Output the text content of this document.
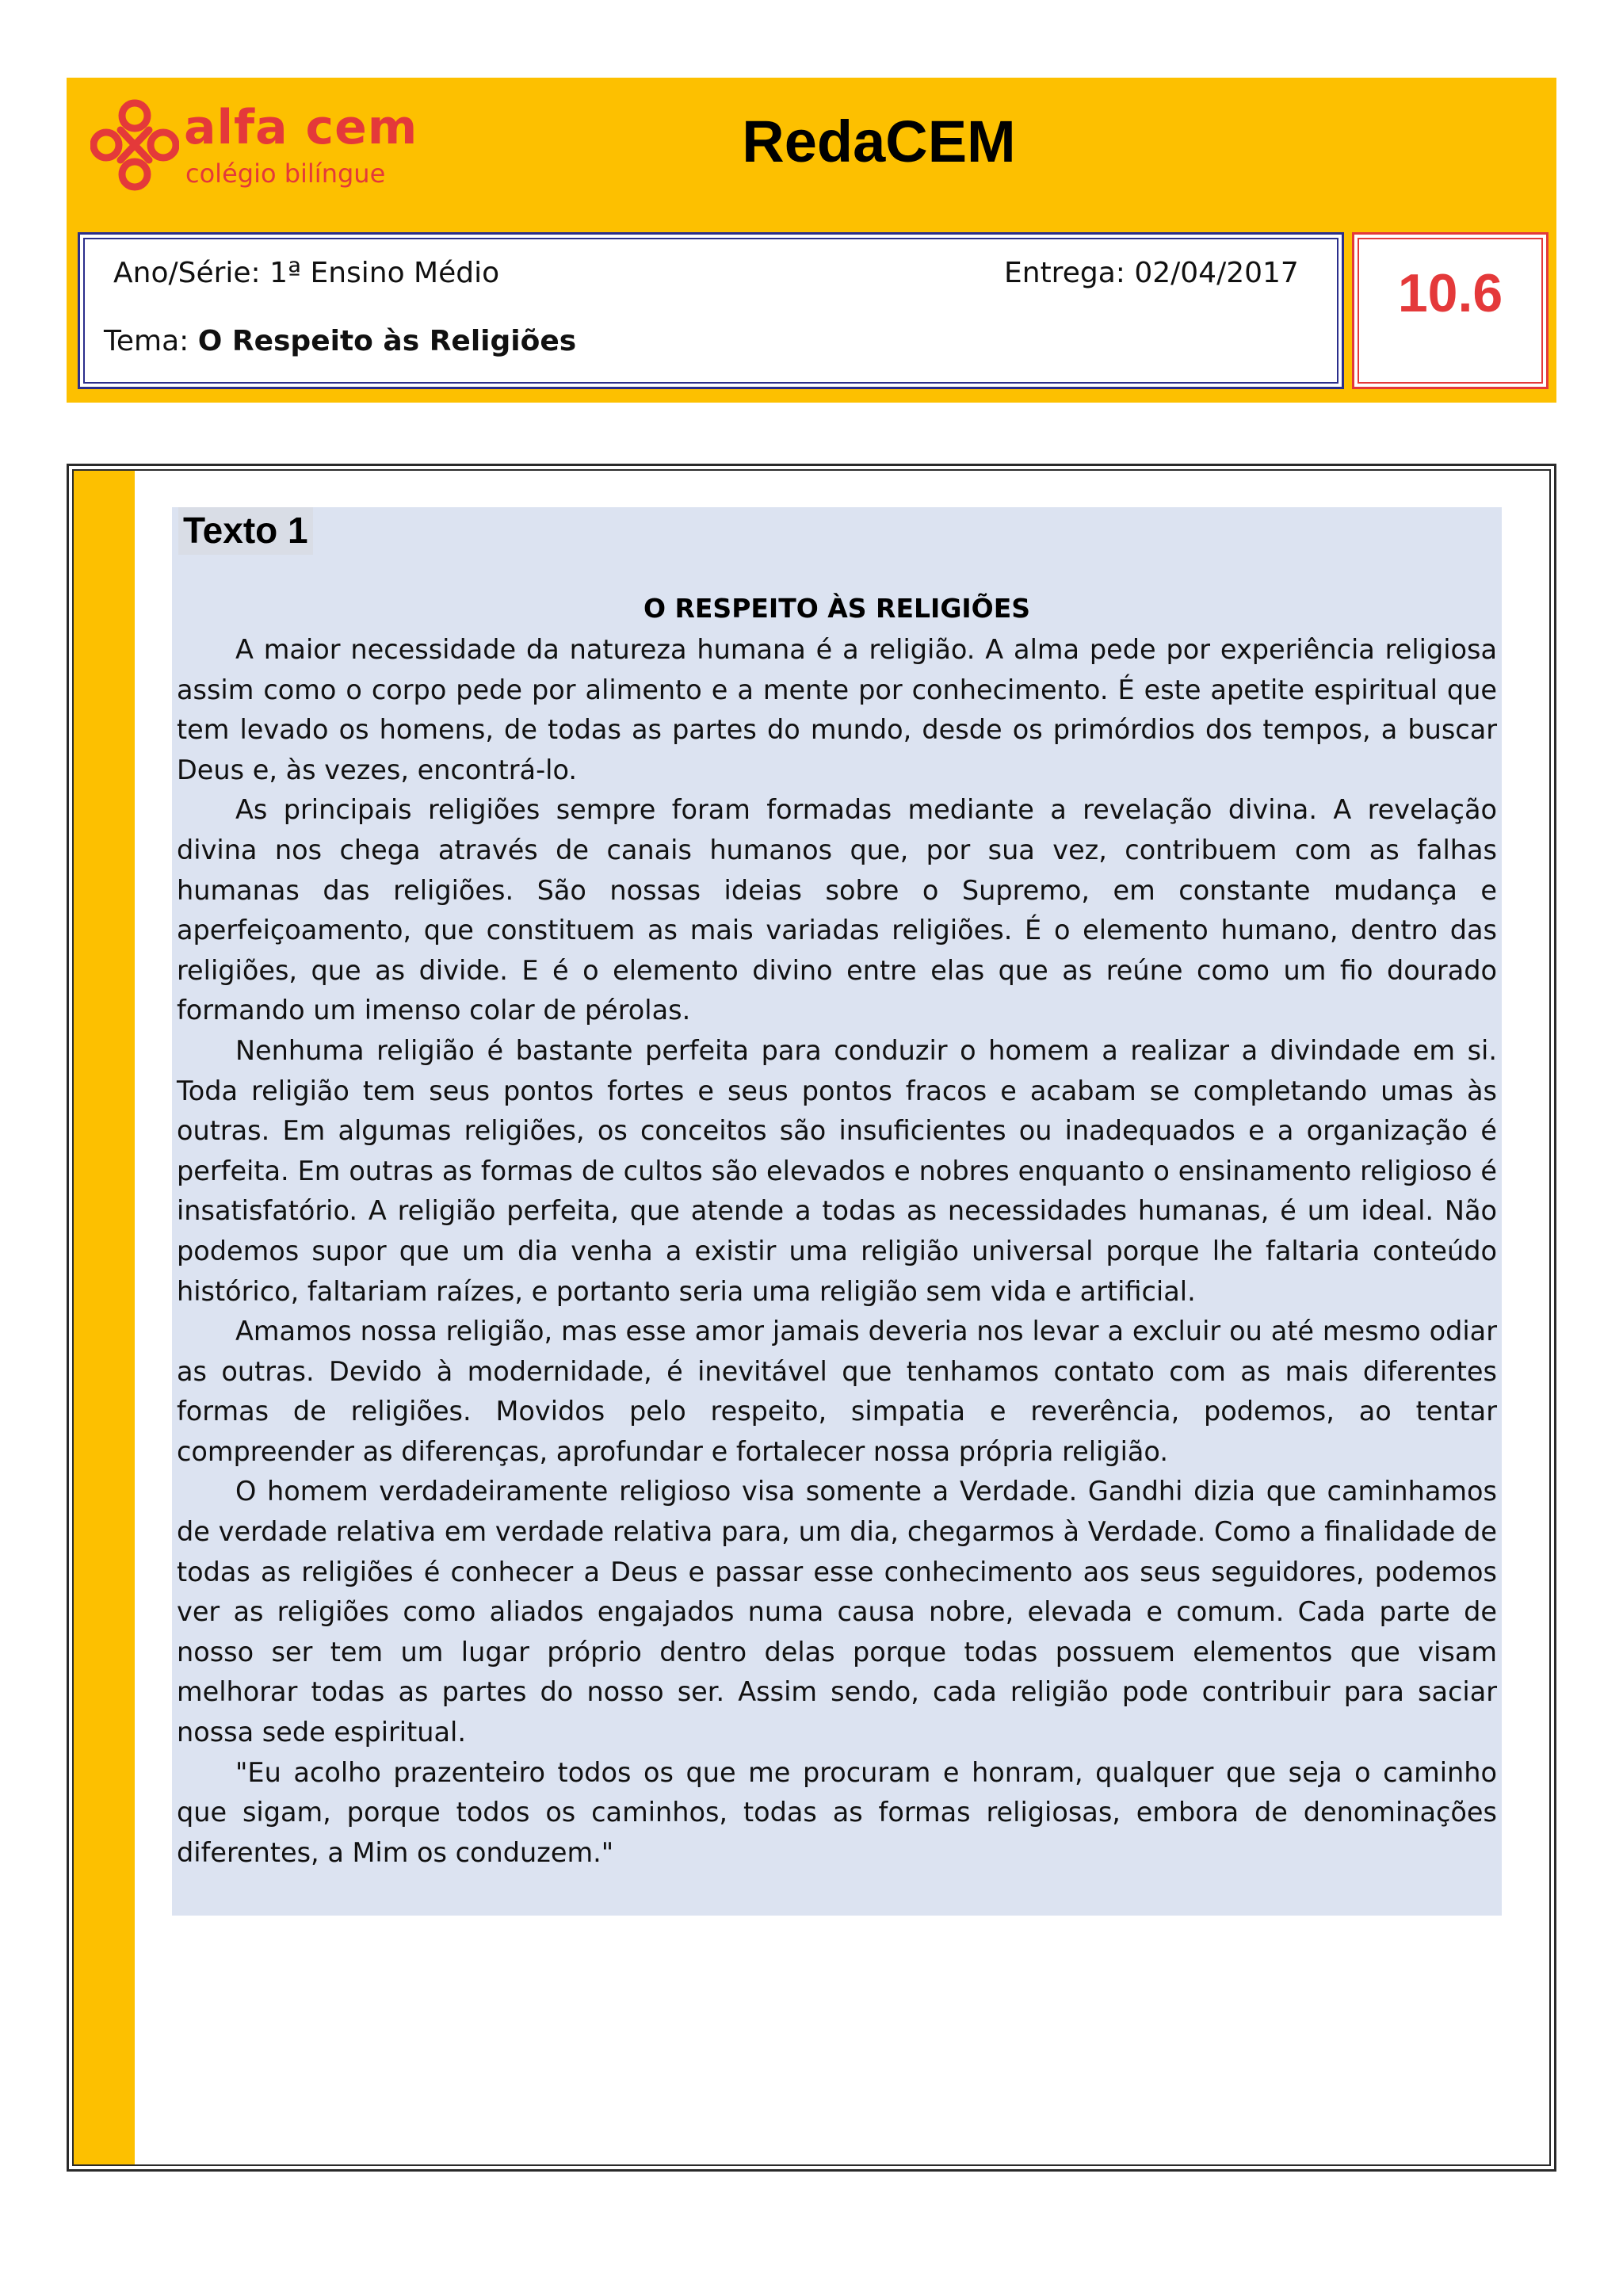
alfa cem
colégio bilíngue	RedaCEM
Ano/Série: 1ª Ensino Médio	Entrega: 02/04/2017
Tema: O Respeito às Religiões
10.6
Texto 1
O RESPEITO ÀS RELIGIÕES

A maior necessidade da natureza humana é a religião. A alma pede por experiência religiosa assim como o corpo pede por alimento e a mente por conhecimento. É este apetite espiritual que tem levado os homens, de todas as partes do mundo, desde os primórdios dos tempos, a buscar Deus e, às vezes, encontrá-lo.

As principais religiões sempre foram formadas mediante a revelação divina. A revelação divina nos chega através de canais humanos que, por sua vez, contribuem com as falhas humanas das religiões. São nossas ideias sobre o Supremo, em constante mudança e aperfeiçoamento, que constituem as mais variadas religiões. É o elemento humano, dentro das religiões, que as divide. E é o elemento divino entre elas que as reúne como um fio dourado formando um imenso colar de pérolas.

Nenhuma religião é bastante perfeita para conduzir o homem a realizar a divindade em si. Toda religião tem seus pontos fortes e seus pontos fracos e acabam se completando umas às outras. Em algumas religiões, os conceitos são insuficientes ou inadequados e a organização é perfeita. Em outras as formas de cultos são elevados e nobres enquanto o ensinamento religioso é insatisfatório. A religião perfeita, que atende a todas as necessidades humanas, é um ideal. Não podemos supor que um dia venha a existir uma religião universal porque lhe faltaria conteúdo histórico, faltariam raízes, e portanto seria uma religião sem vida e artificial.

Amamos nossa religião, mas esse amor jamais deveria nos levar a excluir ou até mesmo odiar as outras. Devido à modernidade, é inevitável que tenhamos contato com as mais diferentes formas de religiões. Movidos pelo respeito, simpatia e reverência, podemos, ao tentar compreender as diferenças, aprofundar e fortalecer nossa própria religião.

O homem verdadeiramente religioso visa somente a Verdade. Gandhi dizia que caminhamos de verdade relativa em verdade relativa para, um dia, chegarmos à Verdade. Como a finalidade de todas as religiões é conhecer a Deus e passar esse conhecimento aos seus seguidores, podemos ver as religiões como aliados engajados numa causa nobre, elevada e comum. Cada parte de nosso ser tem um lugar próprio dentro delas porque todas possuem elementos que visam melhorar todas as partes do nosso ser. Assim sendo, cada religião pode contribuir para saciar nossa sede espiritual.

"Eu acolho prazenteiro todos os que me procuram e honram, qualquer que seja o caminho que sigam, porque todos os caminhos, todas as formas religiosas, embora de denominações diferentes, a Mim os conduzem."
